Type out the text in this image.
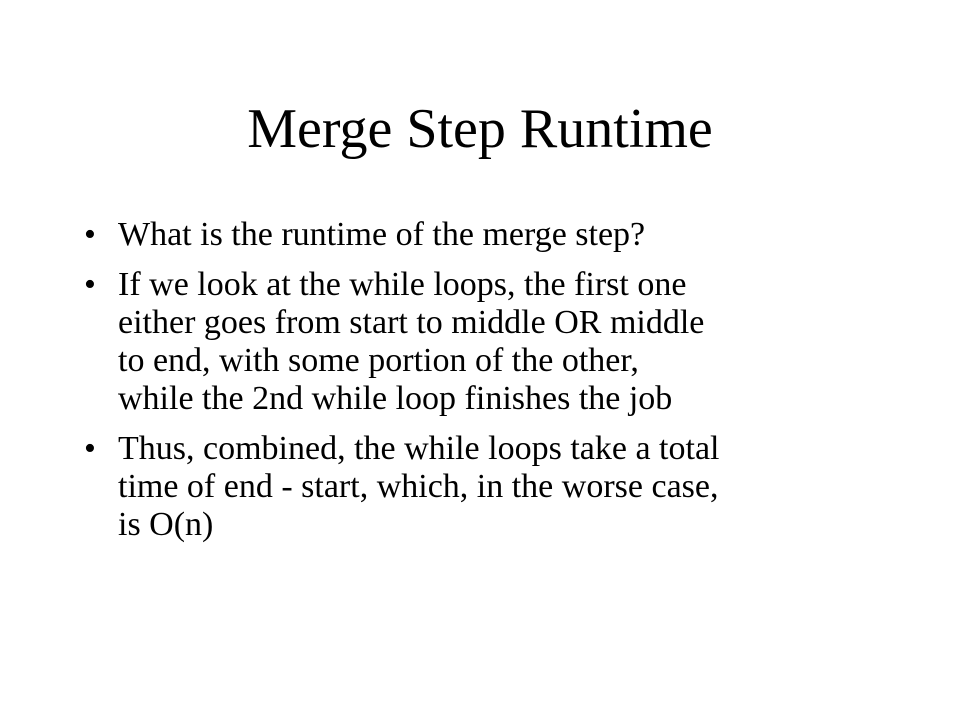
Merge Step Runtime
• What is the runtime of the merge step?
• If we look at the while loops, the first one
either goes from start to middle OR middle
to end, with some portion of the other,
while the 2nd while loop finishes the job
• Thus, combined, the while loops take a total
time of end - start, which, in the worse case,
is O(n)
